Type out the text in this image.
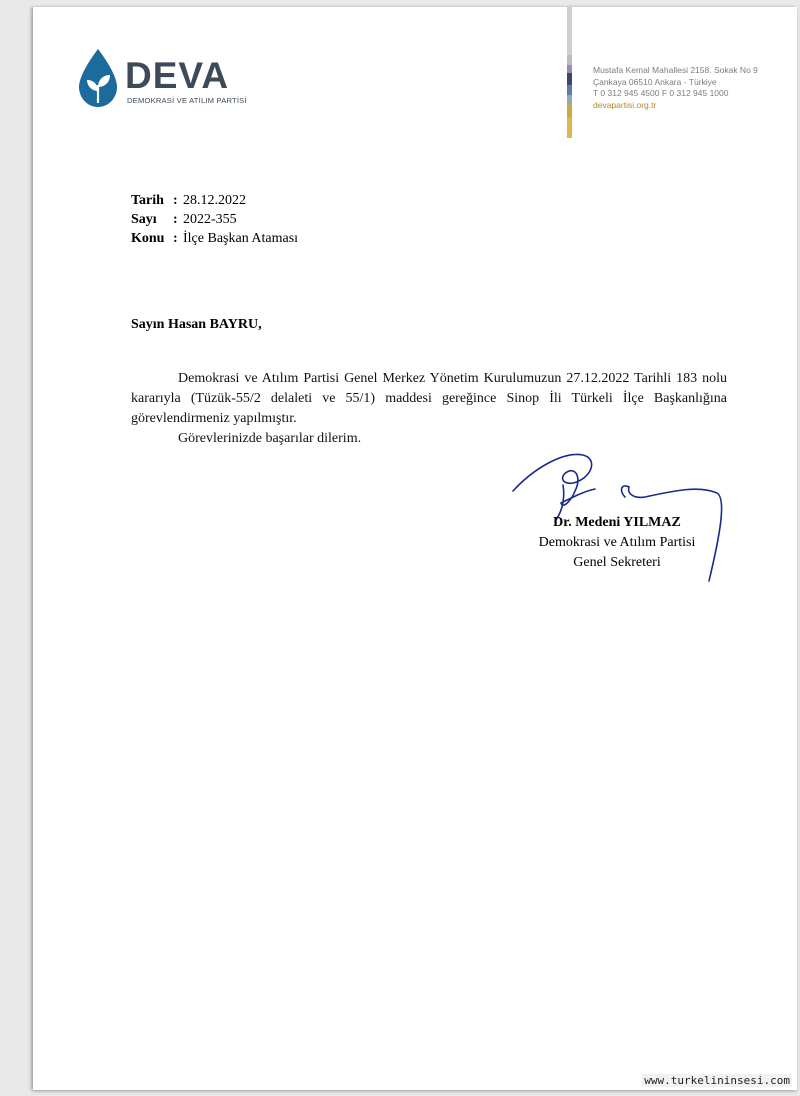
DEVA
DEMOKRASİ VE ATILIM PARTİSİ
Mustafa Kemal Mahallesi 2158. Sokak No 9
Çankaya 06510 Ankara - Türkiye
T 0 312 945 4500 F 0 312 945 1000
devapartisi.org.tr
Tarih : 28.12.2022
Sayı	: 2022-355
Konu : İlçe Başkan Ataması
Sayın Hasan BAYRU,
Demokrasi ve Atılım Partisi Genel Merkez Yönetim Kurulumuzun 27.12.2022 Tarihli 183 nolu kararıyla (Tüzük-55/2 delaleti ve 55/1) maddesi gereğince Sinop İli Türkeli İlçe Başkanlığına görevlendirmeniz yapılmıştır.
Görevlerinizde başarılar dilerim.
Dr. Medeni YILMAZ
Demokrasi ve Atılım Partisi
Genel Sekreteri
www.turkelininsesi.com
